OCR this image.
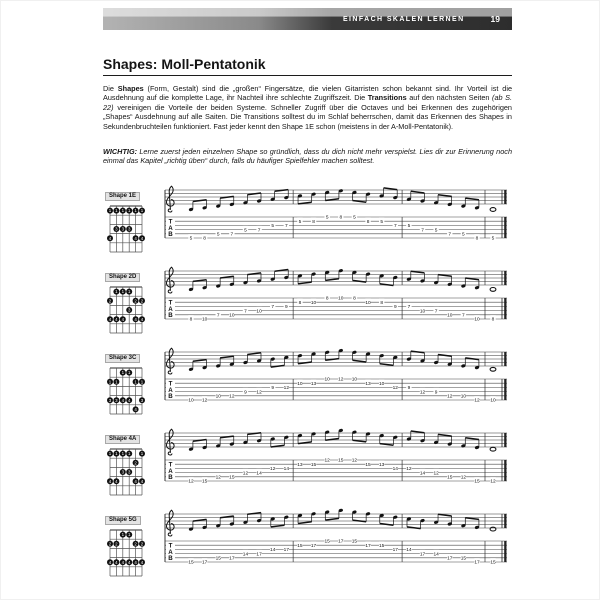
EINFACH SKALEN LERNEN	19
Shapes: Moll-Pentatonik
Die Shapes (Form, Gestalt) sind die „großen“ Fingersätze, die vielen Gitarristen schon bekannt sind. Ihr Vorteil ist die Ausdehnung auf die komplette Lage, ihr Nachteil ihre schlechte Zugriffszeit. Die Transitions auf den nächsten Seiten (ab S. 22) vereinigen die Vorteile der beiden Systeme. Schneller Zugriff über die Octaves und bei Erkennen des zugehörigen „Shapes“ Ausdehnung auf alle Saiten. Die Transitions solltest du im Schlaf beherrschen, damit das Erkennen des Shapes in Sekundenbruchteilen funktioniert. Fast jeder kennt den Shape 1E schon (meistens in der A-Moll-Pentatonik).
WICHTIG: Lerne zuerst jeden einzelnen Shape so gründlich, dass du dich nicht mehr verspielst. Lies dir zur Erinnerung noch einmal das Kapitel „richtig üben“ durch, falls du häufiger Spielfehler machen solltest.
Shape 1E
1
4
1
3
1
3
1
3
1
4
1
4
T
A
B
5 8
5 7
5 7
5 7
5 8
5 8 5
8 5
7 5
7 5
7 5
8	5
Shape 2D
2
4
1
4
1
4
1
3
2
4
2
4
T
A
B
8 10
7 10
7 10
7 9
8 10
8 10 8
10 8
9 7
10 7
10 7
10 8
Shape 3C
1
3
1
3
1
4
1
4
1
4
1
3
T
A
B
10 12
10 12
9 12
9 12
10 13
10 12 10
13 10
12 9
12 9
12 10
12 10
Shape 4A
1
4
1
4
1
3
1
3
2
4
1
4
T
A
B
12 15
12 15
12 14
12 14
13 15
12 15 12
15 13
14 12
14 12
15 12
15 12
Shape 5G
2
4
2
4
1
4
1
4
2
4
2
4
T
A
B
15 17
15 17
14 17
14 17
15 17
15 17 15
17 15
17 14
17 14
17 15
17 15
